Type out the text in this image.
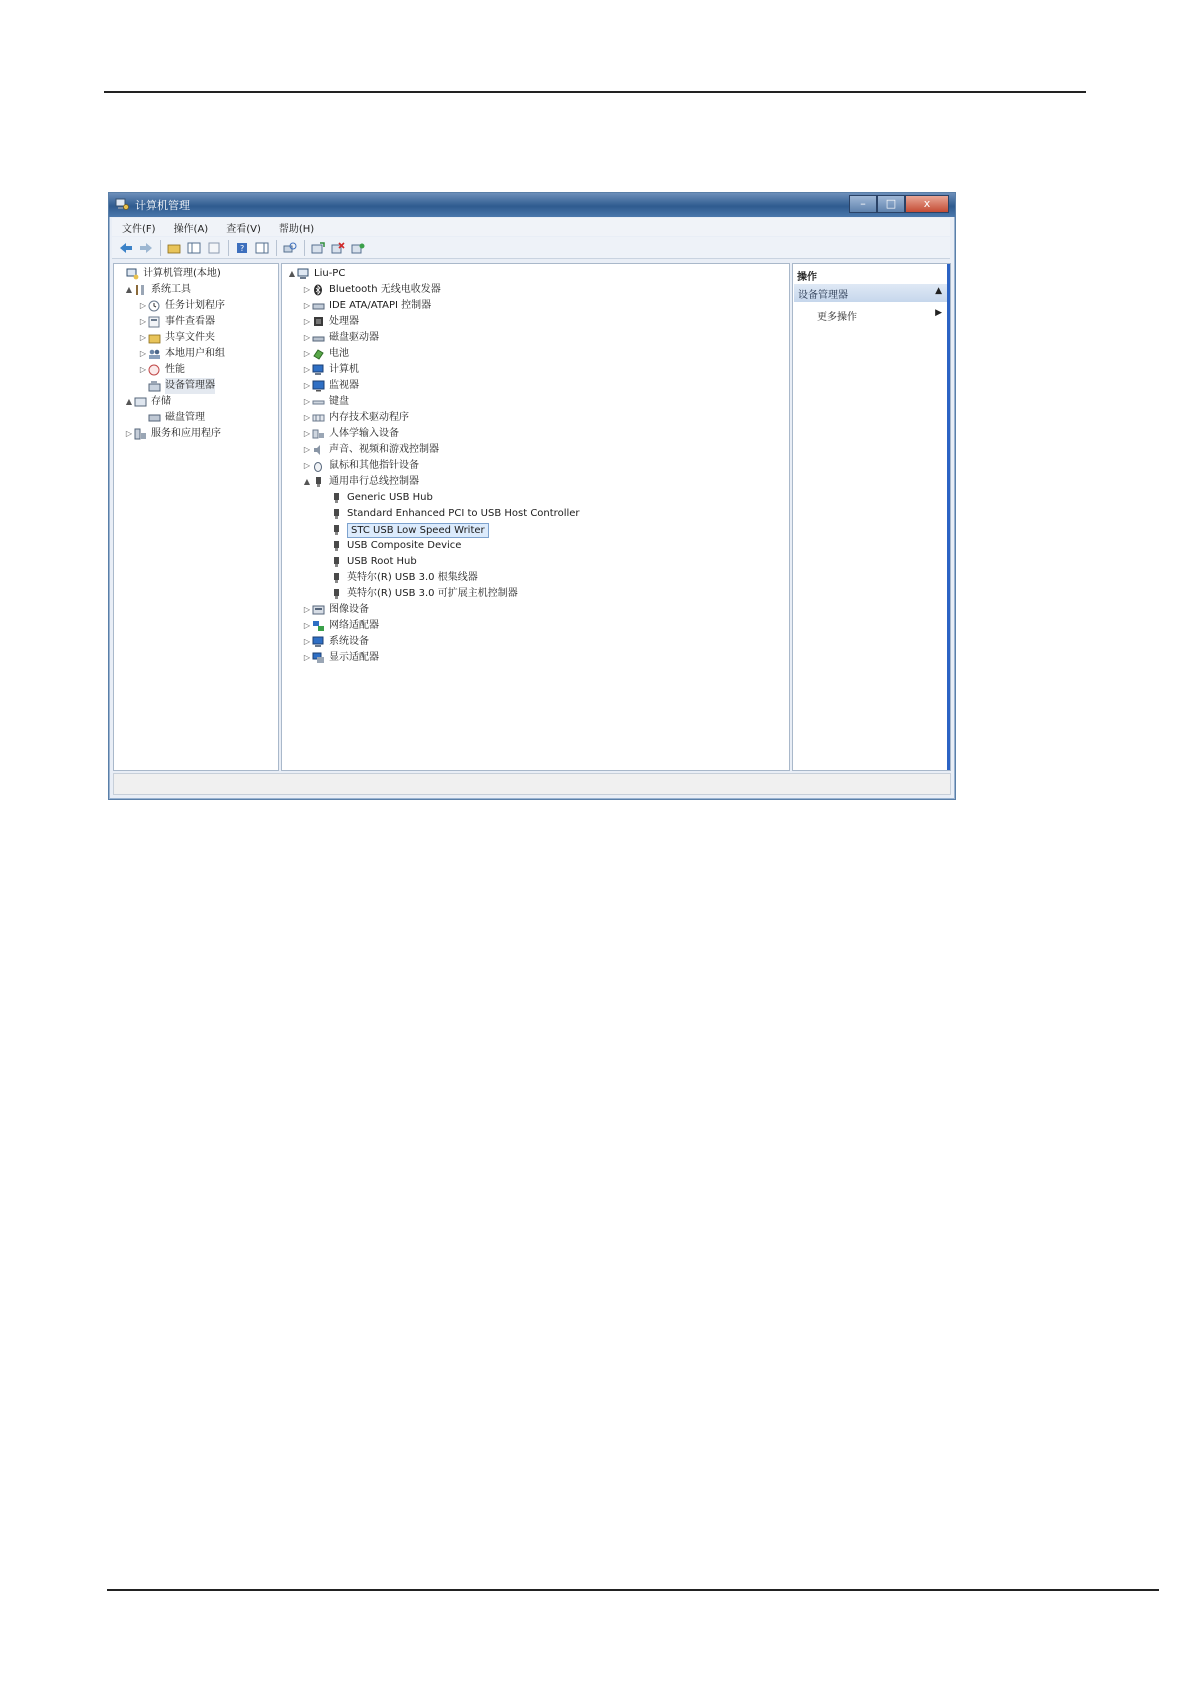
计算机管理	–	□	x
文件(F)	操作(A)	查看(V)	帮助(H)
?
计算机管理(本地)
▲ 系统工具
▷ 任务计划程序
▷ 事件查看器
▷ 共享文件夹
▷ 本地用户和组
▷ 性能
设备管理器
▲ 存储
磁盘管理
▷ 服务和应用程序
▲ Liu-PC
▷ Bluetooth 无线电收发器
▷ IDE ATA/ATAPI 控制器
▷ 处理器
▷ 磁盘驱动器
▷ 电池
▷ 计算机
▷ 监视器
▷ 键盘
▷ 内存技术驱动程序
▷ 人体学输入设备
▷ 声音、视频和游戏控制器
▷ 鼠标和其他指针设备
▲ 通用串行总线控制器
Generic USB Hub
Standard Enhanced PCI to USB Host Controller
STC USB Low Speed Writer
USB Composite Device
USB Root Hub
英特尔(R) USB 3.0 根集线器
英特尔(R) USB 3.0 可扩展主机控制器
▷ 图像设备
▷ 网络适配器
▷ 系统设备
▷ 显示适配器
操作
设备管理器	▲
更多操作	▶
